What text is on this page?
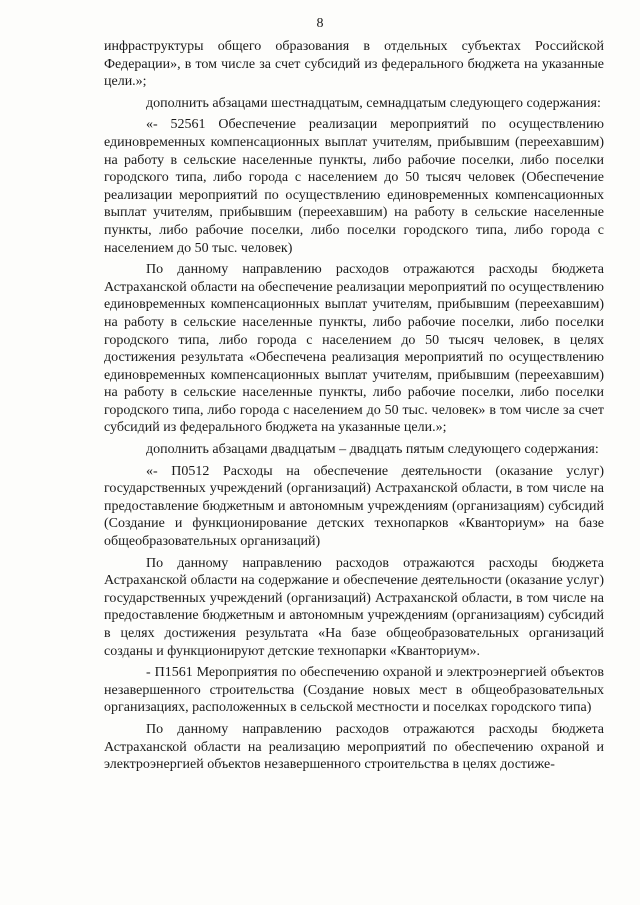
8

инфраструктуры общего образования в отдельных субъектах Российской Федерации», в том числе за счет субсидий из федерального бюджета на указанные цели.»;

дополнить абзацами шестнадцатым, семнадцатым следующего содержания:

«- 52561 Обеспечение реализации мероприятий по осуществлению единовременных компенсационных выплат учителям, прибывшим (переехавшим) на работу в сельские населенные пункты, либо рабочие поселки, либо поселки городского типа, либо города с населением до 50 тысяч человек (Обеспечение реализации мероприятий по осуществлению единовременных компенсационных выплат учителям, прибывшим (переехавшим) на работу в сельские населенные пункты, либо рабочие поселки, либо поселки городского типа, либо города с населением до 50 тыс. человек)

По данному направлению расходов отражаются расходы бюджета Астраханской области на обеспечение реализации мероприятий по осуществлению единовременных компенсационных выплат учителям, прибывшим (переехавшим) на работу в сельские населенные пункты, либо рабочие поселки, либо поселки городского типа, либо города с населением до 50 тысяч человек, в целях достижения результата «Обеспечена реализация мероприятий по осуществлению единовременных компенсационных выплат учителям, прибывшим (переехавшим) на работу в сельские населенные пункты, либо рабочие поселки, либо поселки городского типа, либо города с населением до 50 тыс. человек» в том числе за счет субсидий из федерального бюджета на указанные цели.»;

дополнить абзацами двадцатым – двадцать пятым следующего содержания:

«- П0512 Расходы на обеспечение деятельности (оказание услуг) государственных учреждений (организаций) Астраханской области, в том числе на предоставление бюджетным и автономным учреждениям (организациям) субсидий (Создание и функционирование детских технопарков «Кванториум» на базе общеобразовательных организаций)

По данному направлению расходов отражаются расходы бюджета Астраханской области на содержание и обеспечение деятельности (оказание услуг) государственных учреждений (организаций) Астраханской области, в том числе на предоставление бюджетным и автономным учреждениям (организациям) субсидий в целях достижения результата «На базе общеобразовательных организаций созданы и функционируют детские технопарки «Кванториум».

- П1561 Мероприятия по обеспечению охраной и электроэнергией объектов незавершенного строительства (Создание новых мест в общеобразовательных организациях, расположенных в сельской местности и поселках городского типа)

По данному направлению расходов отражаются расходы бюджета Астраханской области на реализацию мероприятий по обеспечению охраной и электроэнергией объектов незавершенного строительства в целях достиже-
